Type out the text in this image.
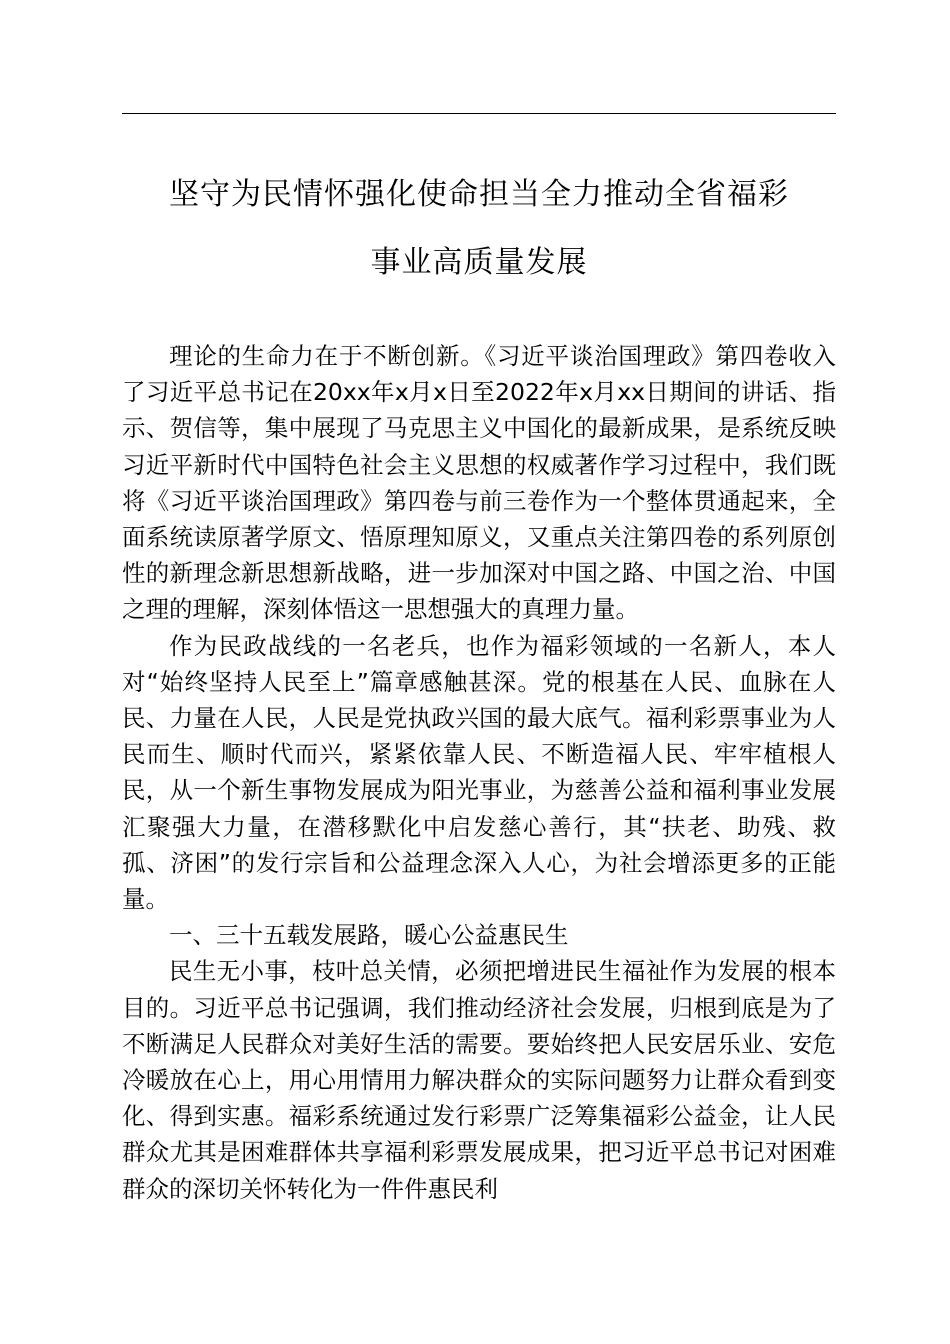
坚守为民情怀强化使命担当全力推动全省福彩
事业高质量发展

理论的生命力在于不断创新。《习近平谈治国理政》第四卷收入了习近平总书记在20xx年x月x日至2022年x月xx日期间的讲话、指示、贺信等，集中展现了马克思主义中国化的最新成果，是系统反映习近平新时代中国特色社会主义思想的权威著作学习过程中，我们既将《习近平谈治国理政》第四卷与前三卷作为一个整体贯通起来，全面系统读原著学原文、悟原理知原义，又重点关注第四卷的系列原创性的新理念新思想新战略，进一步加深对中国之路、中国之治、中国之理的理解，深刻体悟这一思想强大的真理力量。

作为民政战线的一名老兵，也作为福彩领域的一名新人，本人对“始终坚持人民至上”篇章感触甚深。党的根基在人民、血脉在人民、力量在人民，人民是党执政兴国的最大底气。福利彩票事业为人民而生、顺时代而兴，紧紧依靠人民、不断造福人民、牢牢植根人民，从一个新生事物发展成为阳光事业，为慈善公益和福利事业发展汇聚强大力量，在潜移默化中启发慈心善行，其“扶老、助残、救孤、济困”的发行宗旨和公益理念深入人心，为社会增添更多的正能量。

一、三十五载发展路，暖心公益惠民生

民生无小事，枝叶总关情，必须把增进民生福祉作为发展的根本目的。习近平总书记强调，我们推动经济社会发展，归根到底是为了不断满足人民群众对美好生活的需要。要始终把人民安居乐业、安危冷暖放在心上，用心用情用力解决群众的实际问题努力让群众看到变化、得到实惠。福彩系统通过发行彩票广泛筹集福彩公益金，让人民群众尤其是困难群体共享福利彩票发展成果，把习近平总书记对困难群众的深切关怀转化为一件件惠民利
